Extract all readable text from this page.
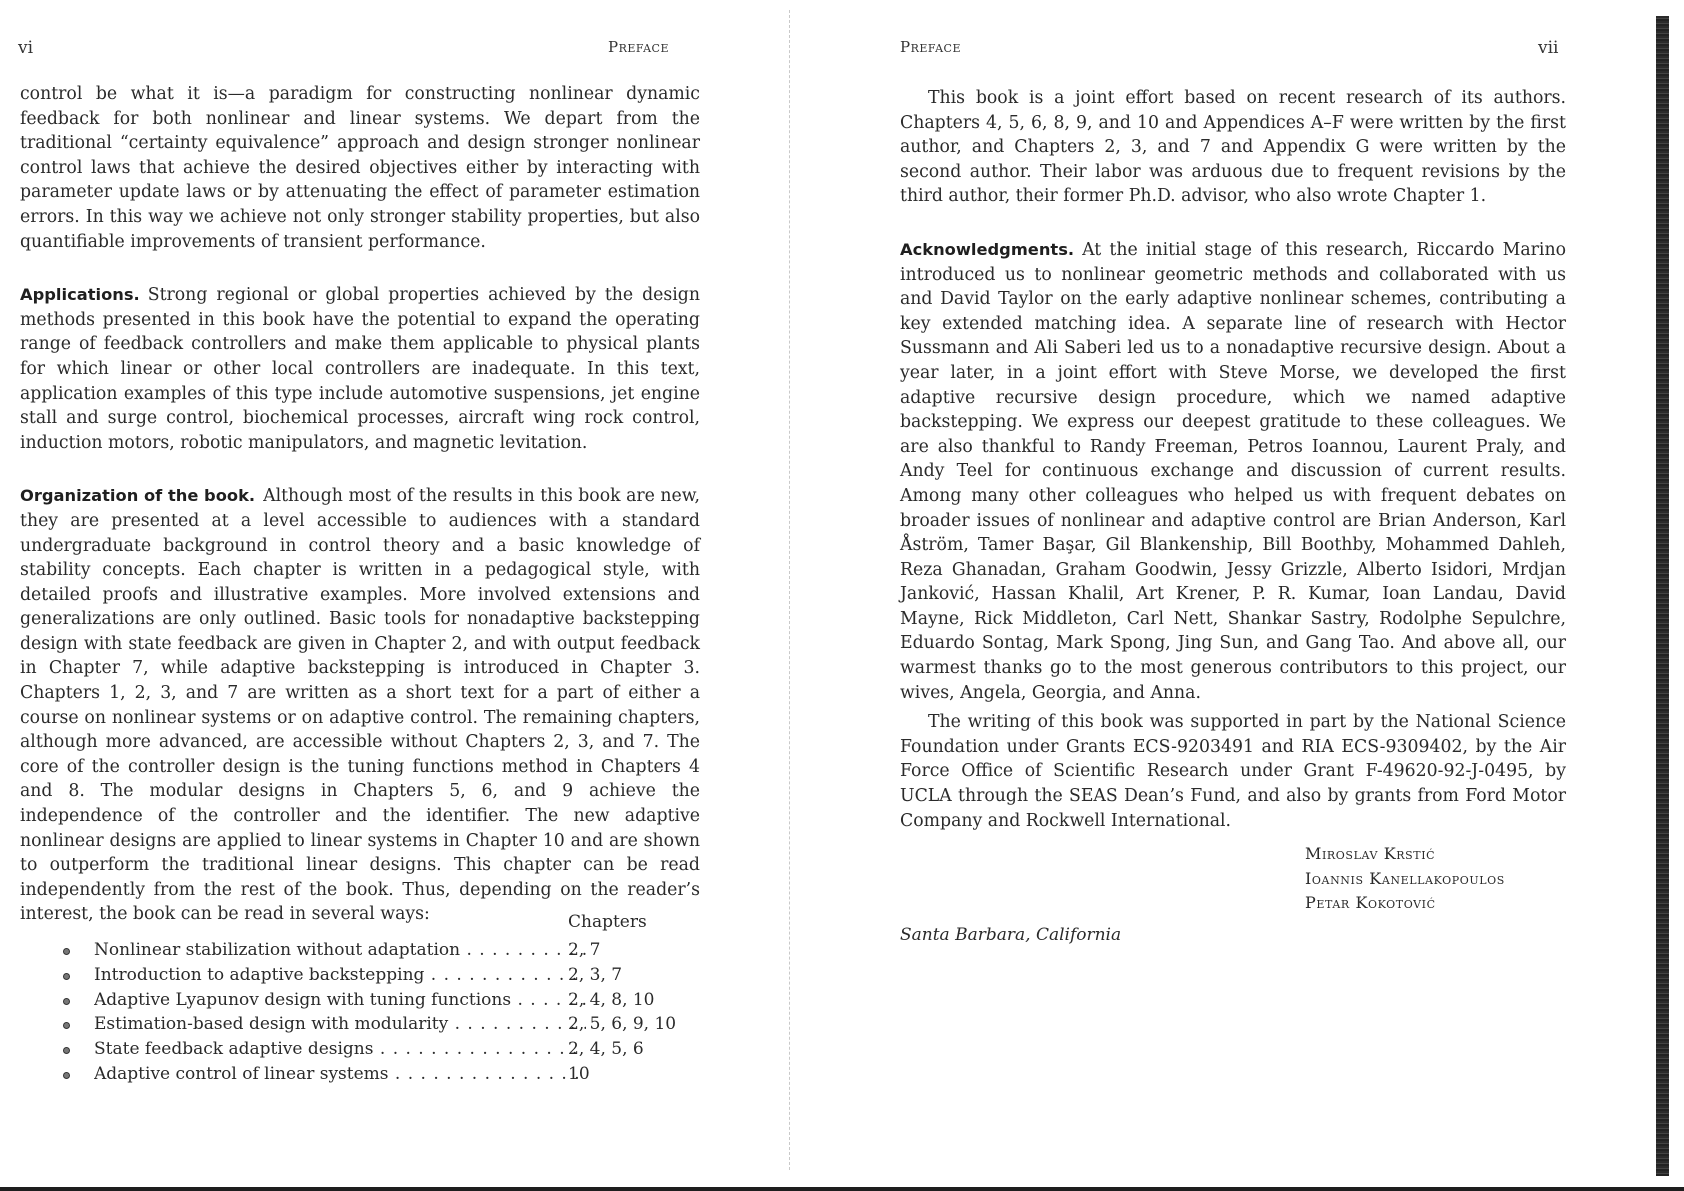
vi	Preface

control be what it is—a paradigm for constructing nonlinear dynamic feedback for both nonlinear and linear systems. We depart from the traditional “certainty equivalence” approach and design stronger nonlinear control laws that achieve the desired objectives either by interacting with parameter update laws or by attenuating the effect of parameter estimation errors. In this way we achieve not only stronger stability properties, but also quantifiable improvements of transient performance.

Applications. Strong regional or global properties achieved by the design methods presented in this book have the potential to expand the operating range of feedback controllers and make them applicable to physical plants for which linear or other local controllers are inadequate. In this text, application examples of this type include automotive suspensions, jet engine stall and surge control, biochemical processes, aircraft wing rock control, induction motors, robotic manipulators, and magnetic levitation.

Organization of the book. Although most of the results in this book are new, they are presented at a level accessible to audiences with a standard undergraduate background in control theory and a basic knowledge of stability concepts. Each chapter is written in a pedagogical style, with detailed proofs and illustrative examples. More involved extensions and generalizations are only outlined. Basic tools for nonadaptive backstepping design with state feedback are given in Chapter 2, and with output feedback in Chapter 7, while adaptive backstepping is introduced in Chapter 3. Chapters 1, 2, 3, and 7 are written as a short text for a part of either a course on nonlinear systems or on adaptive control. The remaining chapters, although more advanced, are accessible without Chapters 2, 3, and 7. The core of the controller design is the tuning functions method in Chapters 4 and 8. The modular designs in Chapters 5, 6, and 9 achieve the independence of the controller and the identifier. The new adaptive nonlinear designs are applied to linear systems in Chapter 10 and are shown to outperform the traditional linear designs. This chapter can be read independently from the rest of the book. Thus, depending on the reader’s interest, the book can be read in several ways:	Chapters
Nonlinear stabilization without adaptation . . .	2, 7
Introduction to adaptive backstepping . . .	2, 3, 7
Adaptive Lyapunov design with tuning functions . . .	2, 4, 8, 10
Estimation-based design with modularity . . .	2, 5, 6, 9, 10
State feedback adaptive designs . . .	2, 4, 5, 6
Adaptive control of linear systems . . .	10
Preface	vii

This book is a joint effort based on recent research of its authors. Chapters 4, 5, 6, 8, 9, and 10 and Appendices A–F were written by the first author, and Chapters 2, 3, and 7 and Appendix G were written by the second author. Their labor was arduous due to frequent revisions by the third author, their former Ph.D. advisor, who also wrote Chapter 1.

Acknowledgments. At the initial stage of this research, Riccardo Marino introduced us to nonlinear geometric methods and collaborated with us and David Taylor on the early adaptive nonlinear schemes, contributing a key extended matching idea. A separate line of research with Hector Sussmann and Ali Saberi led us to a nonadaptive recursive design. About a year later, in a joint effort with Steve Morse, we developed the first adaptive recursive design procedure, which we named adaptive backstepping. We express our deepest gratitude to these colleagues. We are also thankful to Randy Freeman, Petros Ioannou, Laurent Praly, and Andy Teel for continuous exchange and discussion of current results. Among many other colleagues who helped us with frequent debates on broader issues of nonlinear and adaptive control are Brian Anderson, Karl Åström, Tamer Başar, Gil Blankenship, Bill Boothby, Mohammed Dahleh, Reza Ghanadan, Graham Goodwin, Jessy Grizzle, Alberto Isidori, Mrdjan Janković, Hassan Khalil, Art Krener, P. R. Kumar, Ioan Landau, David Mayne, Rick Middleton, Carl Nett, Shankar Sastry, Rodolphe Sepulchre, Eduardo Sontag, Mark Spong, Jing Sun, and Gang Tao. And above all, our warmest thanks go to the most generous contributors to this project, our wives, Angela, Georgia, and Anna.

The writing of this book was supported in part by the National Science Foundation under Grants ECS-9203491 and RIA ECS-9309402, by the Air Force Office of Scientific Research under Grant F-49620-92-J-0495, by UCLA through the SEAS Dean’s Fund, and also by grants from Ford Motor Company and Rockwell International.

Miroslav Krstić
Ioannis Kanellakopoulos
Petar Kokotović
Santa Barbara, California
